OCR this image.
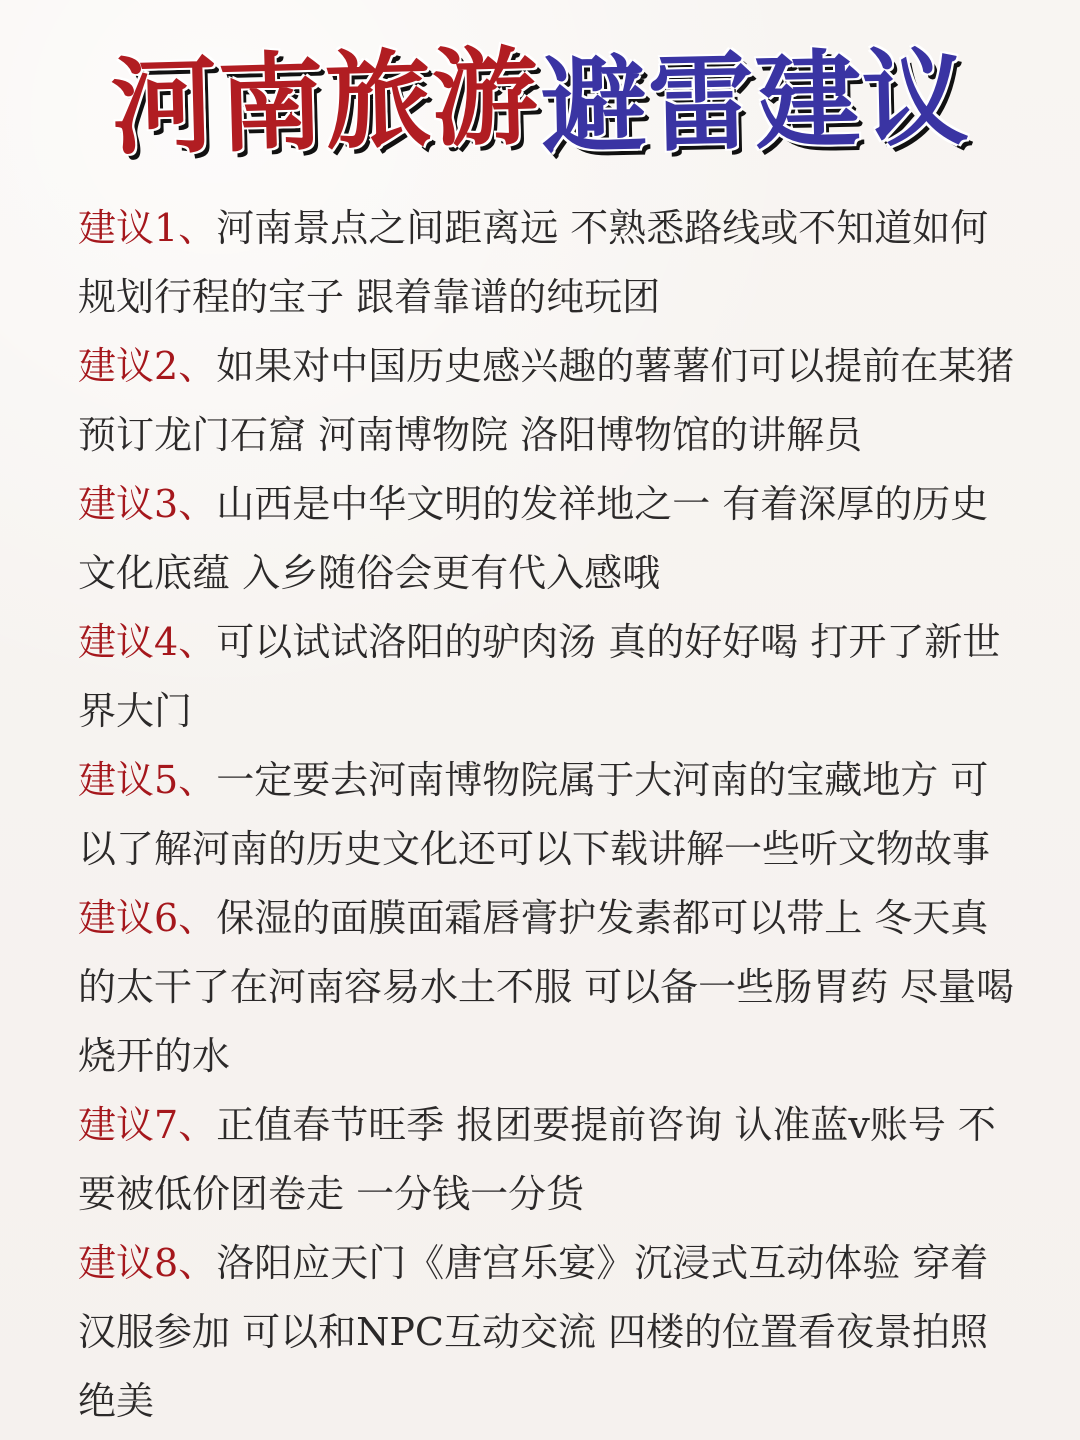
河南旅游避雷建议

建议1、河南景点之间距离远 不熟悉路线或不知道如何规划行程的宝子 跟着靠谱的纯玩团

建议2、如果对中国历史感兴趣的薯薯们可以提前在某猪预订龙门石窟 河南博物院 洛阳博物馆的讲解员

建议3、山西是中华文明的发祥地之一 有着深厚的历史文化底蕴 入乡随俗会更有代入感哦

建议4、可以试试洛阳的驴肉汤 真的好好喝 打开了新世界大门

建议5、一定要去河南博物院属于大河南的宝藏地方 可以了解河南的历史文化还可以下载讲解一些听文物故事

建议6、保湿的面膜面霜唇膏护发素都可以带上 冬天真的太干了在河南容易水土不服 可以备一些肠胃药 尽量喝烧开的水

建议7、正值春节旺季 报团要提前咨询 认准蓝v账号 不要被低价团卷走 一分钱一分货

建议8、洛阳应天门《唐宫乐宴》沉浸式互动体验 穿着汉服参加 可以和NPC互动交流 四楼的位置看夜景拍照绝美
